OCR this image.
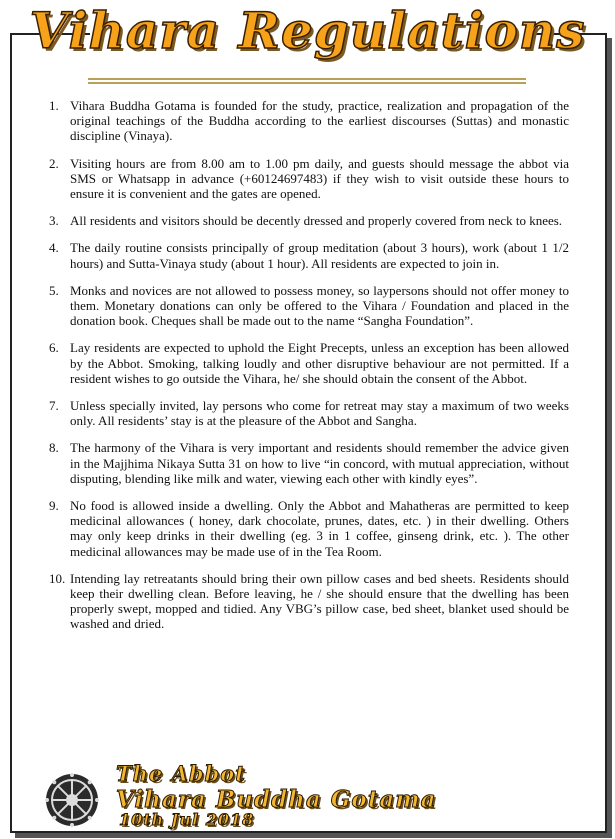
Vihara Regulations
1. Vihara Buddha Gotama is founded for the study, practice, realization and propagation of the original teachings of the Buddha according to the earliest discourses (Suttas) and monastic discipline (Vinaya).
2. Visiting hours are from 8.00 am to 1.00 pm daily, and guests should message the abbot via SMS or Whatsapp in advance (+60124697483) if they wish to visit outside these hours to ensure it is convenient and the gates are opened.
3. All residents and visitors should be decently dressed and properly covered from neck to knees.
4. The daily routine consists principally of group meditation (about 3 hours), work (about 1 1/2 hours) and Sutta-Vinaya study (about 1 hour). All residents are expected to join in.
5. Monks and novices are not allowed to possess money, so laypersons should not offer money to them. Monetary donations can only be offered to the Vihara / Foundation and placed in the donation book. Cheques shall be made out to the name “Sangha Foundation”.
6. Lay residents are expected to uphold the Eight Precepts, unless an exception has been allowed by the Abbot. Smoking, talking loudly and other disruptive behaviour are not permitted. If a resident wishes to go outside the Vihara, he/ she should obtain the consent of the Abbot.
7. Unless specially invited, lay persons who come for retreat may stay a maximum of two weeks only. All residents’ stay is at the pleasure of the Abbot and Sangha.
8. The harmony of the Vihara is very important and residents should remember the advice given in the Majjhima Nikaya Sutta 31 on how to live “in concord, with mutual appreciation, without disputing, blending like milk and water, viewing each other with kindly eyes”.
9. No food is allowed inside a dwelling. Only the Abbot and Mahatheras are permitted to keep medicinal allowances ( honey, dark chocolate, prunes, dates, etc. ) in their dwelling. Others may only keep drinks in their dwelling (eg. 3 in 1 coffee, ginseng drink, etc. ). The other medicinal allowances may be made use of in the Tea Room.
10. Intending lay retreatants should bring their own pillow cases and bed sheets. Residents should keep their dwelling clean. Before leaving, he / she should ensure that the dwelling has been properly swept, mopped and tidied. Any VBG’s pillow case, bed sheet, blanket used should be washed and dried.
The Abbot
Vihara Buddha Gotama
10th Jul 2018
